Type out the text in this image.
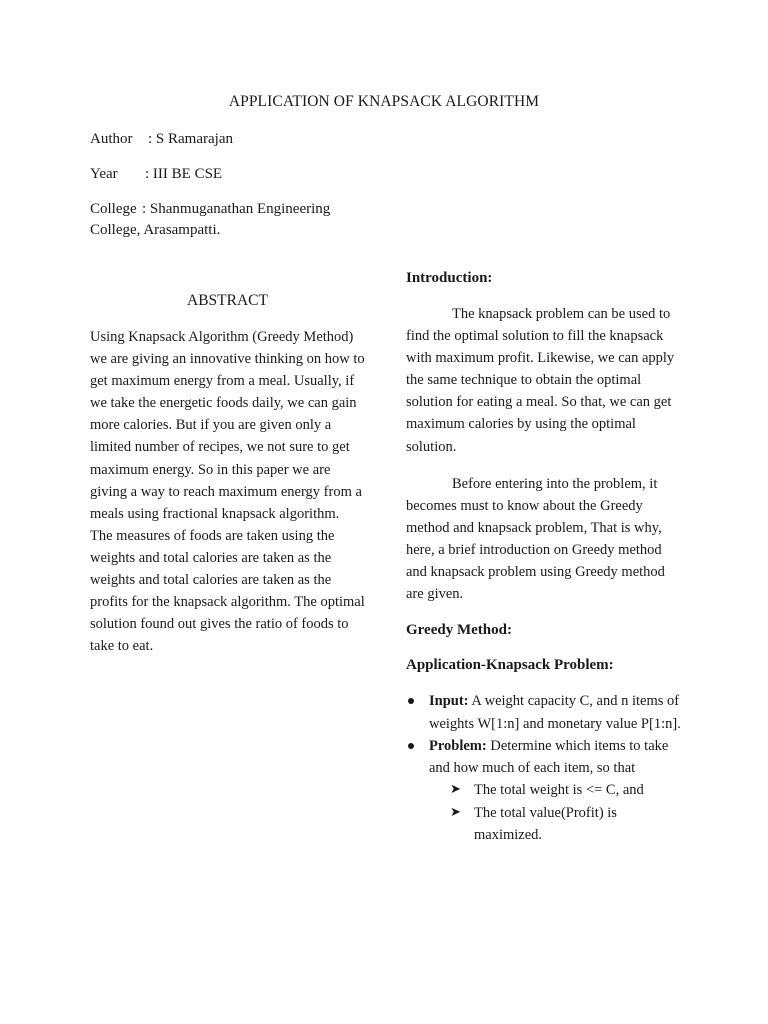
APPLICATION OF KNAPSACK ALGORITHM
Author : S Ramarajan
Year : III BE CSE
College : Shanmuganathan Engineering College, Arasampatti.
ABSTRACT

Using Knapsack Algorithm (Greedy Method) we are giving an innovative thinking on how to get maximum energy from a meal. Usually, if we take the energetic foods daily, we can gain more calories. But if you are given only a limited number of recipes, we not sure to get maximum energy. So in this paper we are giving a way to reach maximum energy from a meals using fractional knapsack algorithm. The measures of foods are taken using the weights and total calories are taken as the weights and total calories are taken as the profits for the knapsack algorithm. The optimal solution found out gives the ratio of foods to take to eat.

Introduction:

The knapsack problem can be used to find the optimal solution to fill the knapsack with maximum profit. Likewise, we can apply the same technique to obtain the optimal solution for eating a meal. So that, we can get maximum calories by using the optimal solution.

Before entering into the problem, it becomes must to know about the Greedy method and knapsack problem, That is why, here, a brief introduction on Greedy method and knapsack problem using Greedy method are given.

Greedy Method:
Application-Knapsack Problem:
Input: A weight capacity C, and n items of weights W[1:n] and monetary value P[1:n].
Problem: Determine which items to take and how much of each item, so that
➤ The total weight is <= C, and
➤ The total value(Profit) is maximized.
